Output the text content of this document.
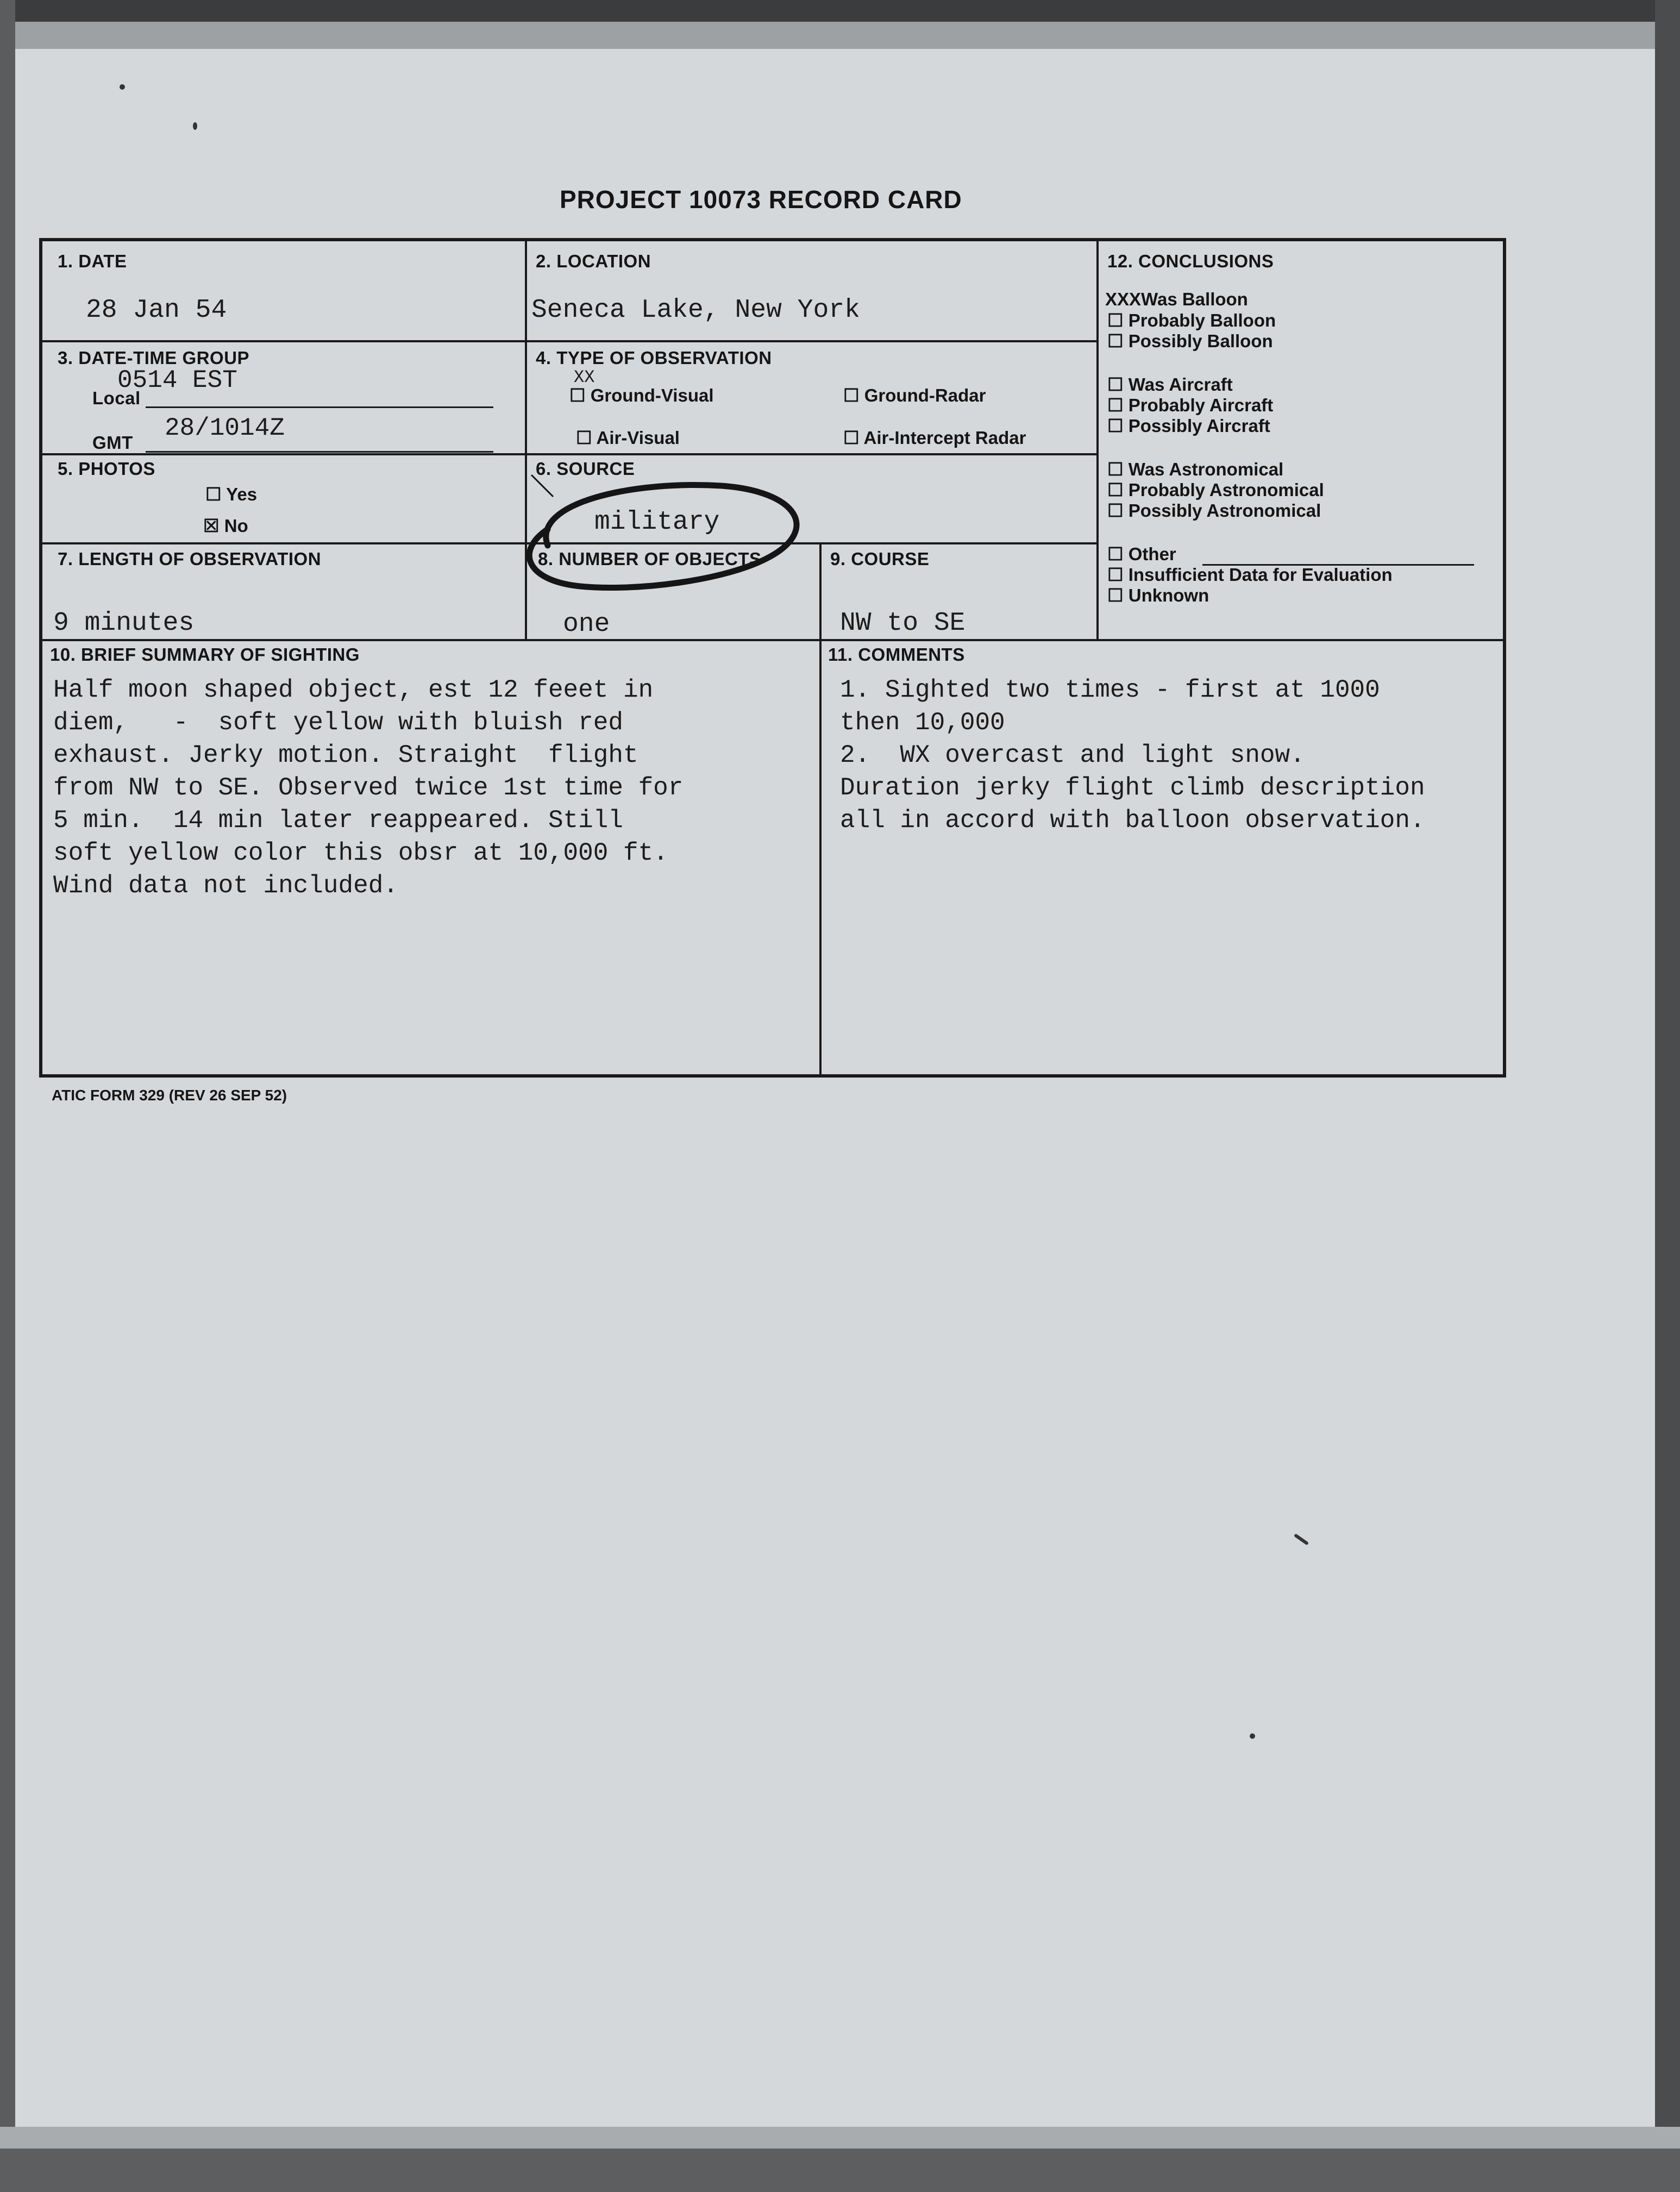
PROJECT 10073 RECORD CARD
1. DATE
28 Jan 54
2. LOCATION
Seneca Lake, New York
3. DATE-TIME GROUP
Local
0514 EST
GMT
28/1014Z
4. TYPE OF OBSERVATION
XX
☐ Ground-Visual	☐ Ground-Radar
☐ Air-Visual	☐ Air-Intercept Radar
5. PHOTOS
☐ Yes
☒ No
6. SOURCE
military
7. LENGTH OF OBSERVATION
9 minutes
8. NUMBER OF OBJECTS
one
9. COURSE
NW to SE
10. BRIEF SUMMARY OF SIGHTING
Half moon shaped object, est 12 feeet in
diem,   -  soft yellow with bluish red
exhaust. Jerky motion. Straight  flight
from NW to SE. Observed twice 1st time for
5 min.  14 min later reappeared. Still
soft yellow color this obsr at 10,000 ft.
Wind data not included.
11. COMMENTS
1. Sighted two times - first at 1000
then 10,000
2.  WX overcast and light snow.
Duration jerky flight climb description
all in accord with balloon observation.
12. CONCLUSIONS
XXXWas Balloon
☐ Probably Balloon
☐ Possibly Balloon
☐ Was Aircraft
☐ Probably Aircraft
☐ Possibly Aircraft
☐ Was Astronomical
☐ Probably Astronomical
☐ Possibly Astronomical
☐ Other
☐ Insufficient Data for Evaluation
☐ Unknown
ATIC FORM 329 (REV 26 SEP 52)
